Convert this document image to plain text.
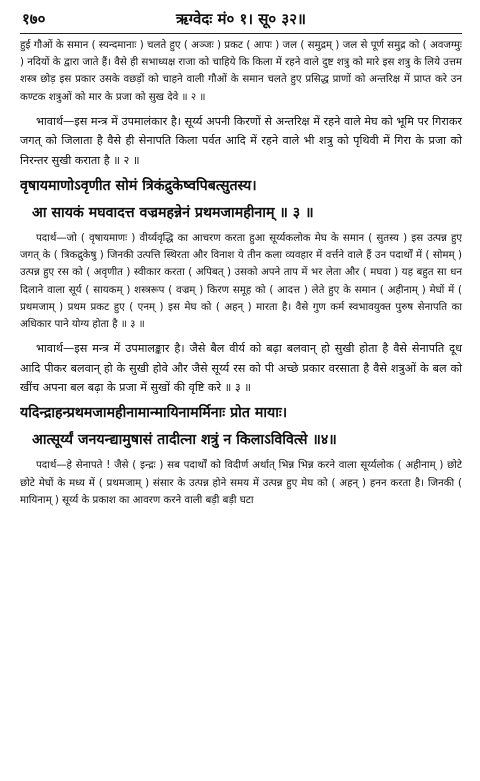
१७०	ऋग्वेदः मं० १। सू० ३२॥

हुई गौओं के समान ( स्यन्दमानाः ) चलते हुए ( अञ्जः ) प्रकट ( आपः ) जल ( समुद्रम् ) जल से पूर्ण समुद्र को ( अवजग्मुः ) नदियों के द्वारा जाते हैं। वैसे ही सभाध्यक्ष राजा को चाहिये कि किला में रहने वाले दुष्ट शत्रु को मारे इस शत्रु के लिये उत्तम शस्त्र छोड़ इस प्रकार उसके वछड़ों को चाहने वाली गौओं के समान चलते हुए प्रसिद्ध प्राणों को अन्तरिक्ष में प्राप्त करे उन कण्टक शत्रुओं को मार के प्रजा को सुख देवे ॥ २ ॥

भावार्थ—इस मन्त्र में उपमालंकार है। सूर्य्य अपनी किरणों से अन्तरिक्ष में रहने वाले मेघ को भूमि पर गिराकर जगत् को जिलाता है वैसे ही सेनापति किला पर्वत आदि में रहने वाले भी शत्रु को पृथिवी में गिरा के प्रजा को निरन्तर सुखी कराता है ॥ २ ॥

वृषायमाणोऽवृणीत सोमं त्रिकंद्रुकेष्वपिबत्सुतस्य।
आ सायकं मघवादत्त वज्रमहन्नेनं प्रथमजामहीनाम् ॥ ३ ॥

पदार्थ—जो ( वृषायमाणः ) वीर्य्यवृद्धि का आचरण करता हुआ सूर्य्यकलोक मेघ के समान ( सुतस्य ) इस उत्पन्न हुए जगत् के ( त्रिकद्रुकेषु ) जिनकी उत्पत्ति स्थिरता और विनाश ये तीन कला व्यवहार में वर्त्तने वाले हैं उन पदार्थों में ( सोमम् ) उत्पन्न हुए रस को ( अवृणीत ) स्वीकार करता ( अपिबत् ) उसको अपने ताप में भर लेता और ( मघवा ) यह बहुत सा धन दिलाने वाला सूर्य ( सायकम् ) शस्त्ररूप ( वज्रम् ) किरण समूह को ( आदत्त ) लेते हुए के समान ( अहीनाम् ) मेघों में ( प्रथमजाम् ) प्रथम प्रकट हुए ( एनम् ) इस मेघ को ( अहन् ) मारता है। वैसे गुण कर्म स्वभावयुक्त पुरुष सेनापति का अधिकार पाने योग्य होता है ॥ ३ ॥

भावार्थ—इस मन्त्र में उपमालङ्कार है। जैसे बैल वीर्य को बढ़ा बलवान् हो सुखी होता है वैसे सेनापति दूध आदि पीकर बलवान् हो के सुखी होवे और जैसे सूर्य्य रस को पी अच्छे प्रकार वरसाता है वैसे शत्रुओं के बल को खींच अपना बल बढ़ा के प्रजा में सुखों की वृष्टि करे ॥ ३ ॥

यदिन्द्राहन्प्रथमजामहीनामान्मायिनामर्मिनाः प्रोत मायाः।
आत्सूर्य्यं जनयन्द्यामुषासं तादीत्ना शत्रुं न किलाऽविवित्से ॥४॥

पदार्थ—हे सेनापते ! जैसे ( इन्द्रः ) सब पदार्थों को विदीर्ण अर्थात् भिन्न भिन्न करने वाला सूर्य्यलोक ( अहीनाम् ) छोटे छोटे मेघों के मध्य में ( प्रथमजाम् ) संसार के उत्पन्न होने समय में उत्पन्न हुए मेघ को ( अहन् ) हनन करता है। जिनकी ( मायिनाम् ) सूर्य्य के प्रकाश का आवरण करने वाली बड़ी बड़ी घटा
